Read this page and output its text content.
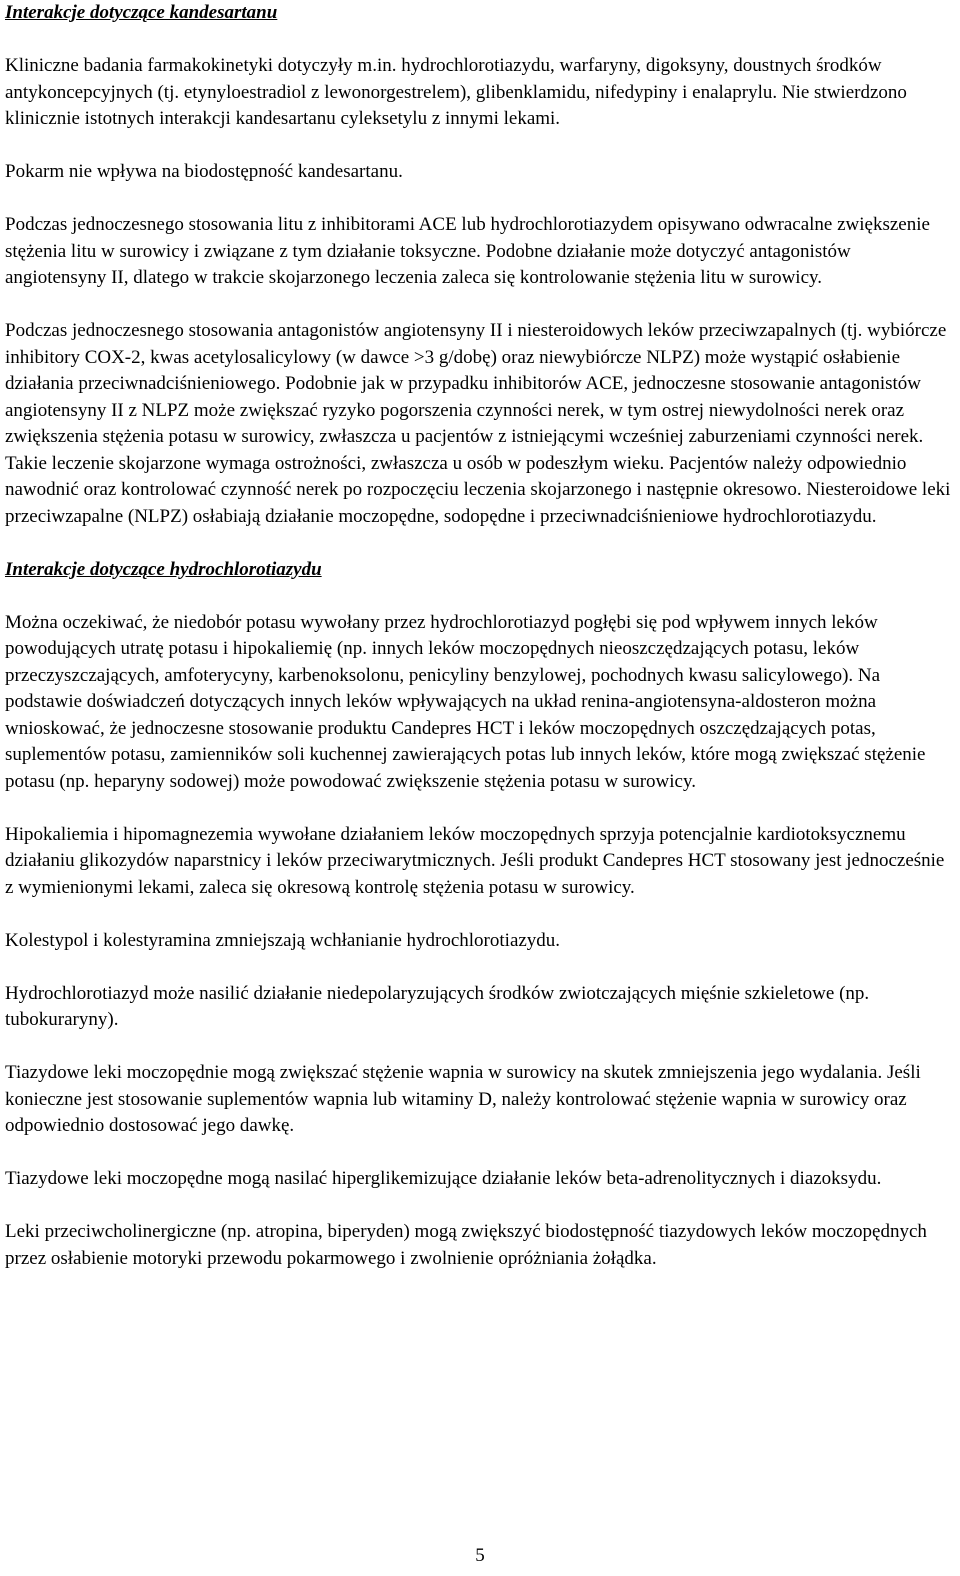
Interakcje dotyczące kandesartanu

Kliniczne badania farmakokinetyki dotyczyły m.in. hydrochlorotiazydu, warfaryny, digoksyny, doustnych środków antykoncepcyjnych (tj. etynyloestradiol z lewonorgestrelem), glibenklamidu, nifedypiny i enalaprylu. Nie stwierdzono klinicznie istotnych interakcji kandesartanu cyleksetylu z innymi lekami.

Pokarm nie wpływa na biodostępność kandesartanu.

Podczas jednoczesnego stosowania litu z inhibitorami ACE lub hydrochlorotiazydem opisywano odwracalne zwiększenie stężenia litu w surowicy i związane z tym działanie toksyczne. Podobne działanie może dotyczyć antagonistów angiotensyny II, dlatego w trakcie skojarzonego leczenia zaleca się kontrolowanie stężenia litu w surowicy.

Podczas jednoczesnego stosowania antagonistów angiotensyny II i niesteroidowych leków przeciwzapalnych (tj. wybiórcze inhibitory COX-2, kwas acetylosalicylowy (w dawce >3 g/dobę) oraz niewybiórcze NLPZ) może wystąpić osłabienie działania przeciwnadciśnieniowego. Podobnie jak w przypadku inhibitorów ACE, jednoczesne stosowanie antagonistów angiotensyny II z NLPZ może zwiększać ryzyko pogorszenia czynności nerek, w tym ostrej niewydolności nerek oraz zwiększenia stężenia potasu w surowicy, zwłaszcza u pacjentów z istniejącymi wcześniej zaburzeniami czynności nerek. Takie leczenie skojarzone wymaga ostrożności, zwłaszcza u osób w podeszłym wieku. Pacjentów należy odpowiednio nawodnić oraz kontrolować czynność nerek po rozpoczęciu leczenia skojarzonego i następnie okresowo. Niesteroidowe leki przeciwzapalne (NLPZ) osłabiają działanie moczopędne, sodopędne i przeciwnadciśnieniowe hydrochlorotiazydu.

Interakcje dotyczące hydrochlorotiazydu

Można oczekiwać, że niedobór potasu wywołany przez hydrochlorotiazyd pogłębi się pod wpływem innych leków powodujących utratę potasu i hipokaliemię (np. innych leków moczopędnych nieoszczędzających potasu, leków przeczyszczających, amfoterycyny, karbenoksolonu, penicyliny benzylowej, pochodnych kwasu salicylowego). Na podstawie doświadczeń dotyczących innych leków wpływających na układ renina-angiotensyna-aldosteron można wnioskować, że jednoczesne stosowanie produktu Candepres HCT i leków moczopędnych oszczędzających potas, suplementów potasu, zamienników soli kuchennej zawierających potas lub innych leków, które mogą zwiększać stężenie potasu (np. heparyny sodowej) może powodować zwiększenie stężenia potasu w surowicy.

Hipokaliemia i hipomagnezemia wywołane działaniem leków moczopędnych sprzyja potencjalnie kardiotoksycznemu działaniu glikozydów naparstnicy i leków przeciwarytmicznych. Jeśli produkt Candepres HCT stosowany jest jednocześnie z wymienionymi lekami, zaleca się okresową kontrolę stężenia potasu w surowicy.

Kolestypol i kolestyramina zmniejszają wchłanianie hydrochlorotiazydu.

Hydrochlorotiazyd może nasilić działanie niedepolaryzujących środków zwiotczających mięśnie szkieletowe (np. tubokuraryny).

Tiazydowe leki moczopędnie mogą zwiększać stężenie wapnia w surowicy na skutek zmniejszenia jego wydalania. Jeśli konieczne jest stosowanie suplementów wapnia lub witaminy D, należy kontrolować stężenie wapnia w surowicy oraz odpowiednio dostosować jego dawkę.

Tiazydowe leki moczopędne mogą nasilać hiperglikemizujące działanie leków beta-adrenolitycznych i diazoksydu.

Leki przeciwcholinergiczne (np. atropina, biperyden) mogą zwiększyć biodostępność tiazydowych leków moczopędnych przez osłabienie motoryki przewodu pokarmowego i zwolnienie opróżniania żołądka.

5
